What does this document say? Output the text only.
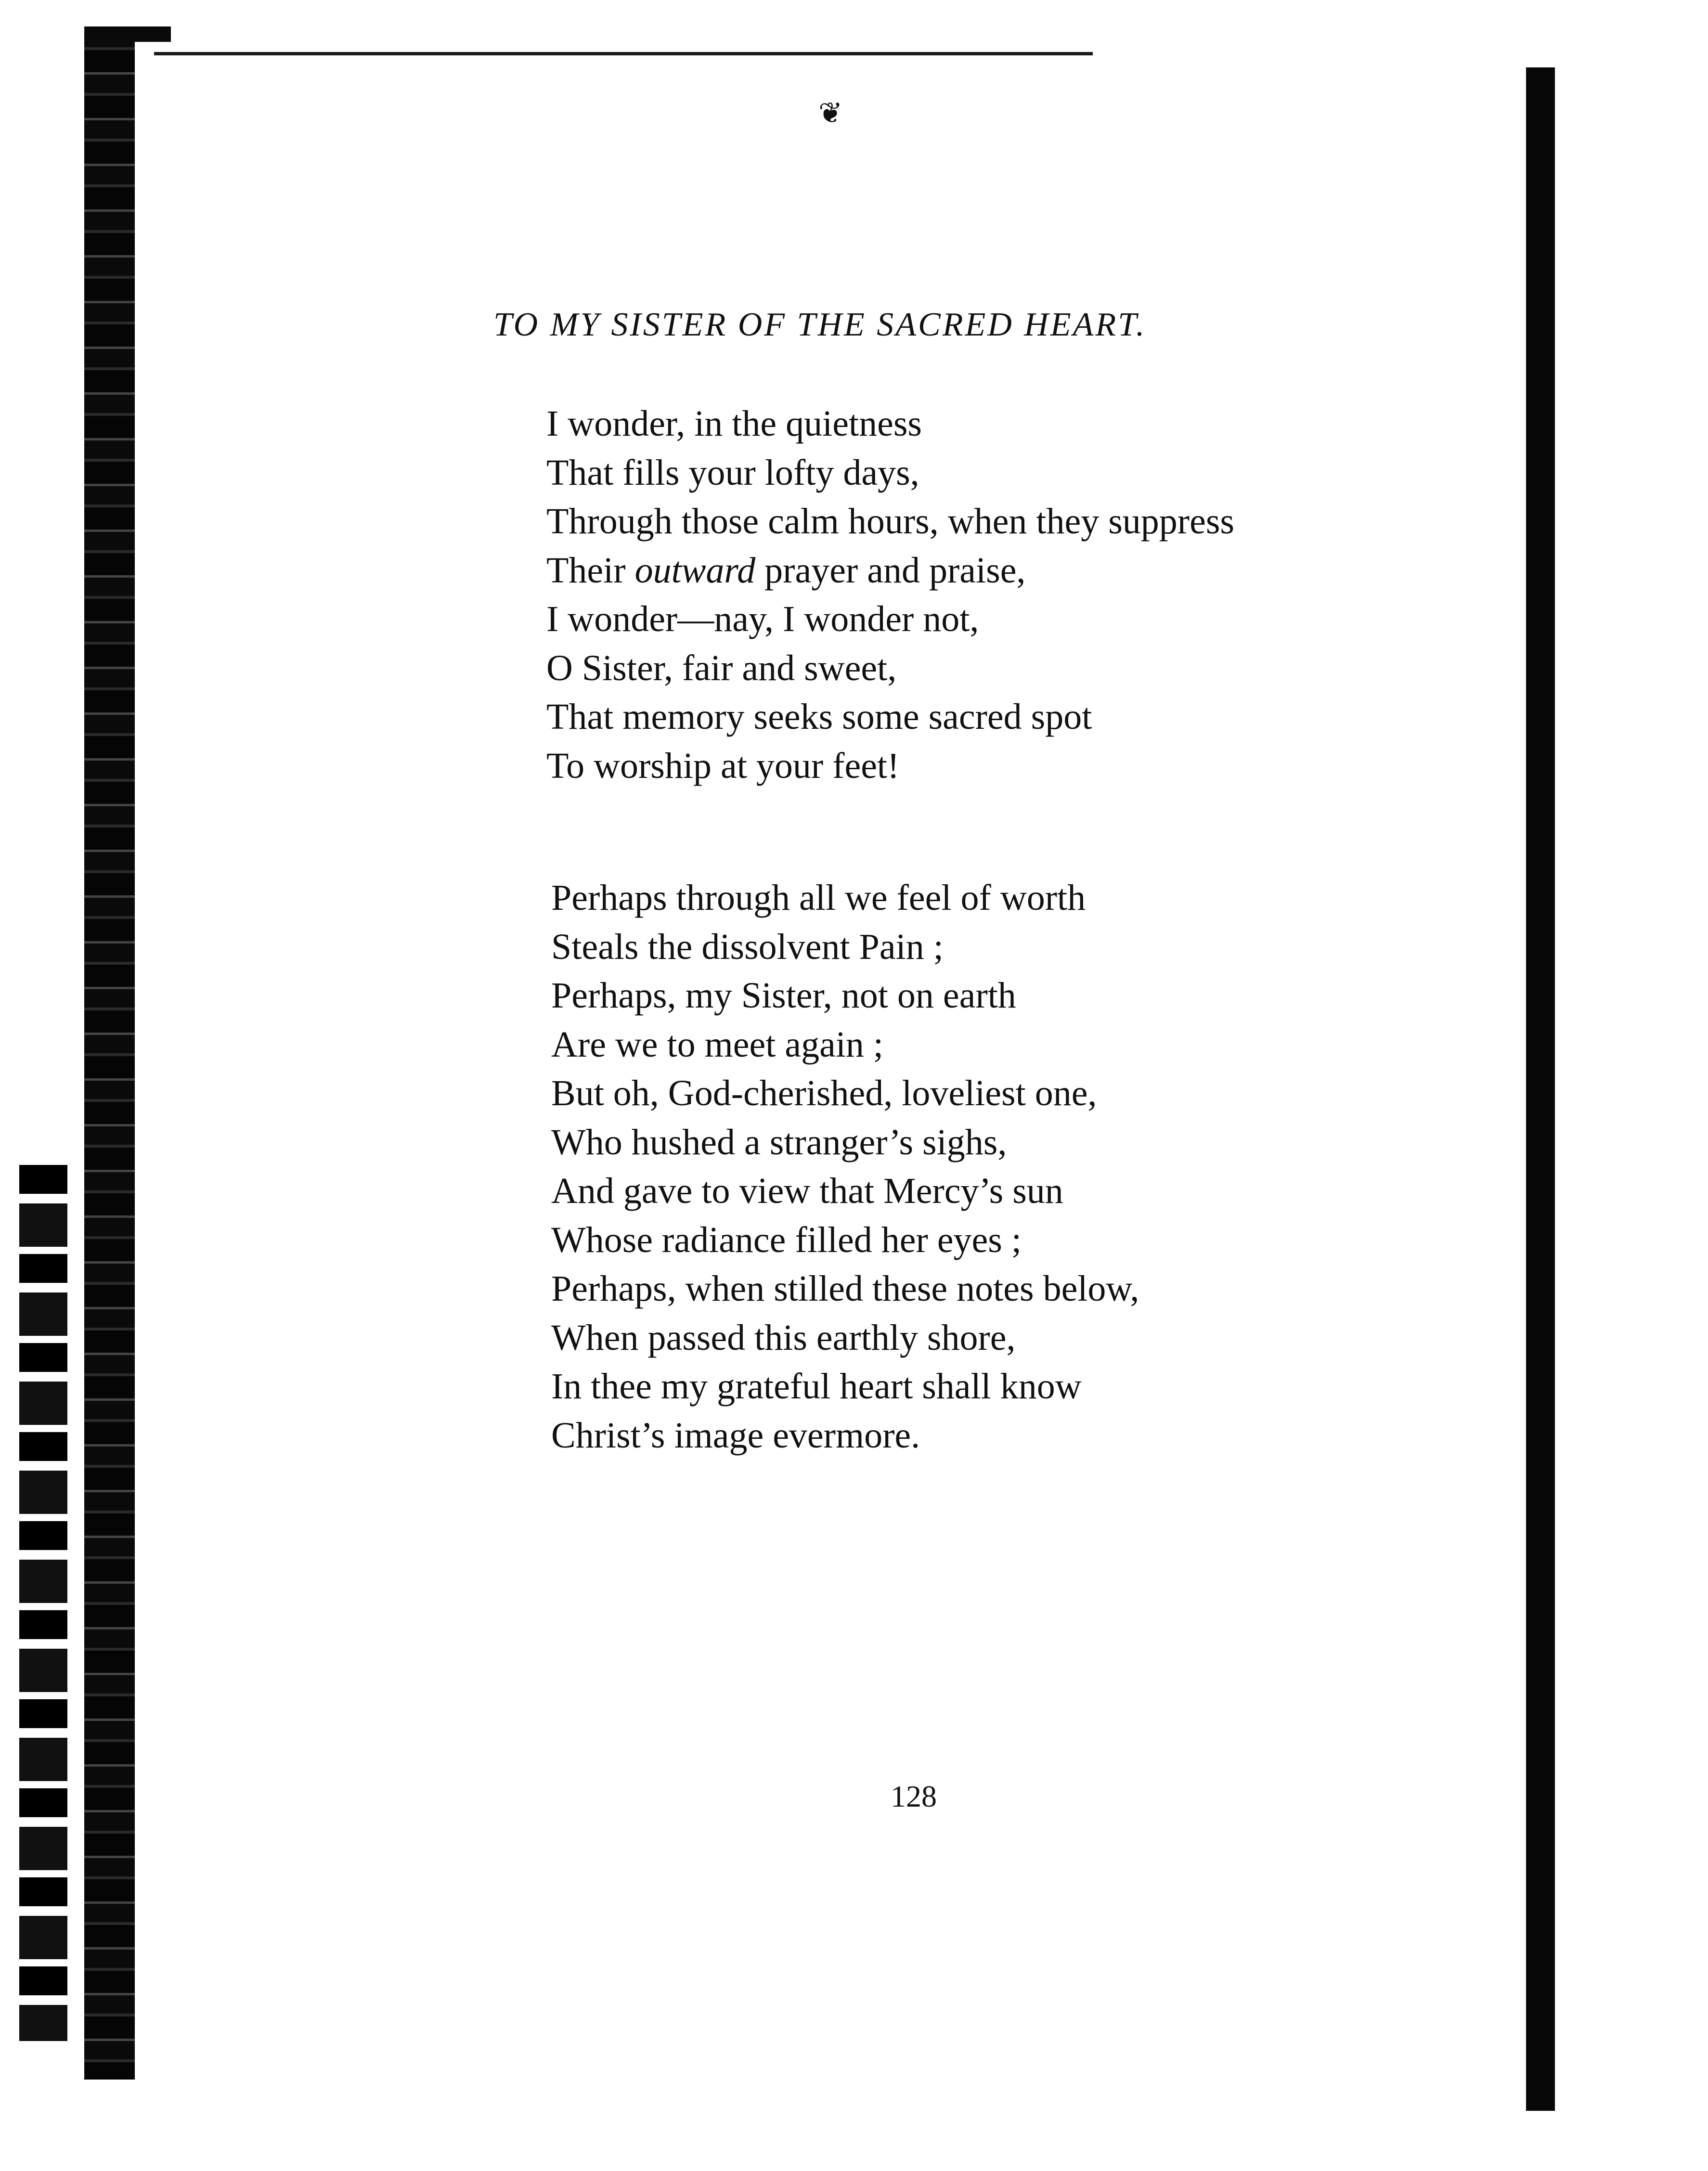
❦
TO MY SISTER OF THE SACRED HEART.
I wonder, in the quietness
That fills your lofty days,
Through those calm hours, when they suppress
Their outward prayer and praise,
I wonder—nay, I wonder not,
O Sister, fair and sweet,
That memory seeks some sacred spot
To worship at your feet!
Perhaps through all we feel of worth
Steals the dissolvent Pain ;
Perhaps, my Sister, not on earth
Are we to meet again ;
But oh, God-cherished, loveliest one,
Who hushed a stranger’s sighs,
And gave to view that Mercy’s sun
Whose radiance filled her eyes ;
Perhaps, when stilled these notes below,
When passed this earthly shore,
In thee my grateful heart shall know
Christ’s image evermore.
128
